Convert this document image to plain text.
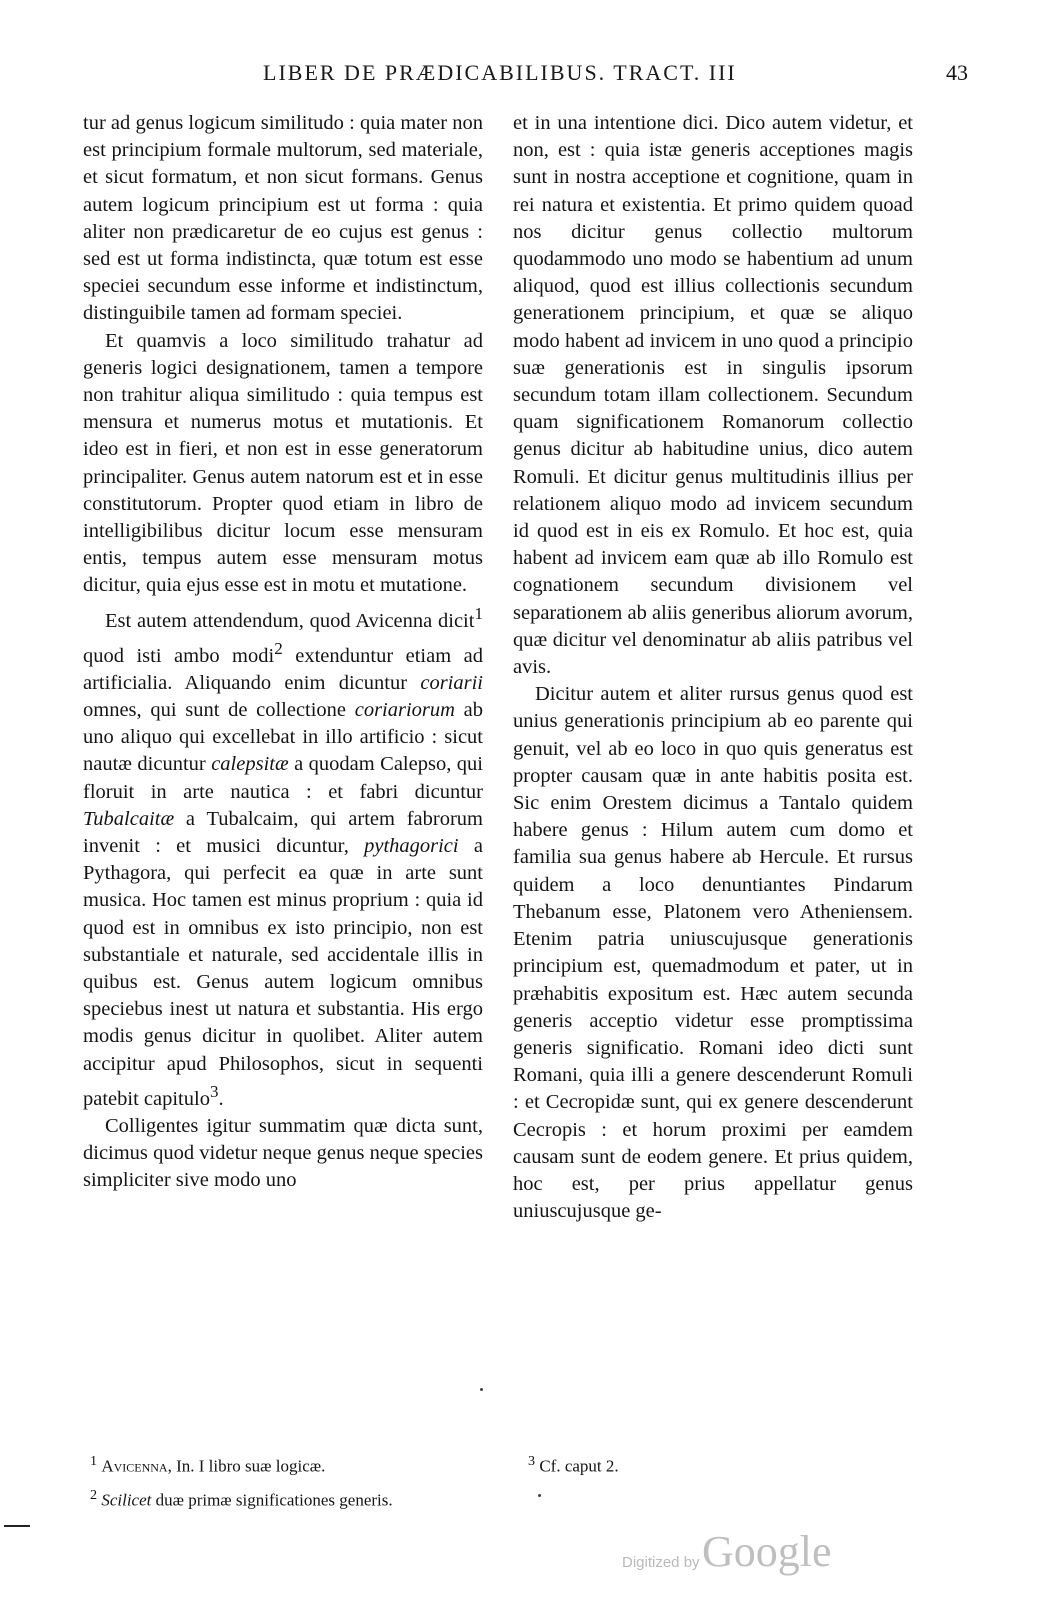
LIBER DE PRÆDICABILIBUS. TRACT. III	43

tur ad genus logicum similitudo : quia mater non est principium formale multorum, sed materiale, et sicut formatum, et non sicut formans. Genus autem logicum principium est ut forma : quia aliter non prædicaretur de eo cujus est genus : sed est ut forma indistincta, quæ totum est esse speciei secundum esse informe et indistinctum, distinguibile tamen ad formam speciei.

Et quamvis a loco similitudo trahatur ad generis logici designationem, tamen a tempore non trahitur aliqua similitudo : quia tempus est mensura et numerus motus et mutationis. Et ideo est in fieri, et non est in esse generatorum principaliter. Genus autem natorum est et in esse constitutorum. Propter quod etiam in libro de intelligibilibus dicitur locum esse mensuram entis, tempus autem esse mensuram motus dicitur, quia ejus esse est in motu et mutatione.

Est autem attendendum, quod Avicenna dicit$^1$ quod isti ambo modi$^2$ extenduntur etiam ad artificialia. Aliquando enim dicuntur coriarii omnes, qui sunt de collectione coriariorum ab uno aliquo qui excellebat in illo artificio : sicut nautæ dicuntur calepsitæ a quodam Calepso, qui floruit in arte nautica : et fabri dicuntur Tubalcaitæ a Tubalcaim, qui artem fabrorum invenit : et musici dicuntur, pythagorici a Pythagora, qui perfecit ea quæ in arte sunt musica. Hoc tamen est minus proprium : quia id quod est in omnibus ex isto principio, non est substantiale et naturale, sed accidentale illis in quibus est. Genus autem logicum omnibus speciebus inest ut natura et substantia. His ergo modis genus dicitur in quolibet. Aliter autem accipitur apud Philosophos, sicut in sequenti patebit capitulo$^3$.

Colligentes igitur summatim quæ dicta sunt, dicimus quod videtur neque genus neque species simpliciter sive modo uno

et in una intentione dici. Dico autem videtur, et non, est : quia istæ generis acceptiones magis sunt in nostra acceptione et cognitione, quam in rei natura et existentia. Et primo quidem quoad nos dicitur genus collectio multorum quodammodo uno modo se habentium ad unum aliquod, quod est illius collectionis secundum generationem principium, et quæ se aliquo modo habent ad invicem in uno quod a principio suæ generationis est in singulis ipsorum secundum totam illam collectionem. Secundum quam significationem Romanorum collectio genus dicitur ab habitudine unius, dico autem Romuli. Et dicitur genus multitudinis illius per relationem aliquo modo ad invicem secundum id quod est in eis ex Romulo. Et hoc est, quia habent ad invicem eam quæ ab illo Romulo est cognationem secundum divisionem vel separationem ab aliis generibus aliorum avorum, quæ dicitur vel denominatur ab aliis patribus vel avis.

Dicitur autem et aliter rursus genus quod est unius generationis principium ab eo parente qui genuit, vel ab eo loco in quo quis generatus est propter causam quæ in ante habitis posita est. Sic enim Orestem dicimus a Tantalo quidem habere genus : Hilum autem cum domo et familia sua genus habere ab Hercule. Et rursus quidem a loco denuntiantes Pindarum Thebanum esse, Platonem vero Atheniensem. Etenim patria uniuscujusque generationis principium est, quemadmodum et pater, ut in præhabitis expositum est. Hæc autem secunda generis acceptio videtur esse promptissima generis significatio. Romani ideo dicti sunt Romani, quia illi a genere descenderunt Romuli : et Cecropidæ sunt, qui ex genere descenderunt Cecropis : et horum proximi per eamdem causam sunt de eodem genere. Et prius quidem, hoc est, per prius appellatur genus uniuscujusque ge-

$^1$ Avicenna, In. I libro suæ logicæ.
$^2$ Scilicet duæ primæ significationes generis.
$^3$ Cf. caput 2.
Digitized by Google
